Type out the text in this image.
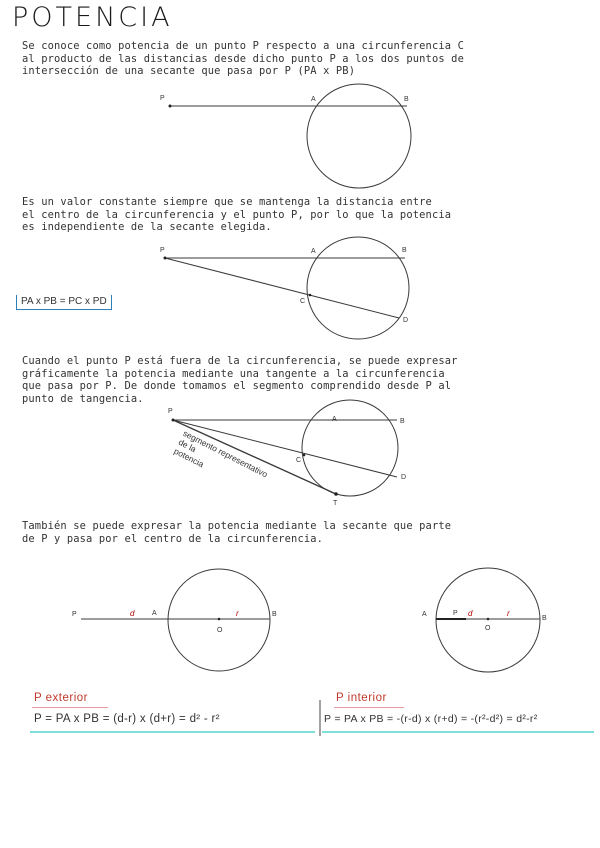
POTENCIA
Se conoce como potencia de un punto P respecto a una circunferencia C
al producto de las distancias desde dicho punto P a los dos puntos de
intersección de una secante que pasa por P (PA x PB)
Es un valor constante siempre que se mantenga la distancia entre
el centro de la circunferencia y el punto P, por lo que la potencia
es independiente de la secante elegida.
PA x PB = PC x PD
Cuando el punto P está fuera de la circunferencia, se puede expresar
gráficamente la potencia mediante una tangente a la circunferencia
que pasa por P. De donde tomamos el segmento comprendido desde P al
punto de tangencia.
También se puede expresar la potencia mediante la secante que parte
de P y pasa por el centro de la circunferencia.
segmento representativo
de la
potencia
P	A	B
P	A	B
C
D
P
A	B
C
D
T
P	d	A	r	B
O
A	P d	r
B
O
P exterior	P interior
P = PA x PB = (d-r) x (d+r) = d² - r²	P = PA x PB = -(r-d) x (r+d) = -(r²-d²) = d²-r²
